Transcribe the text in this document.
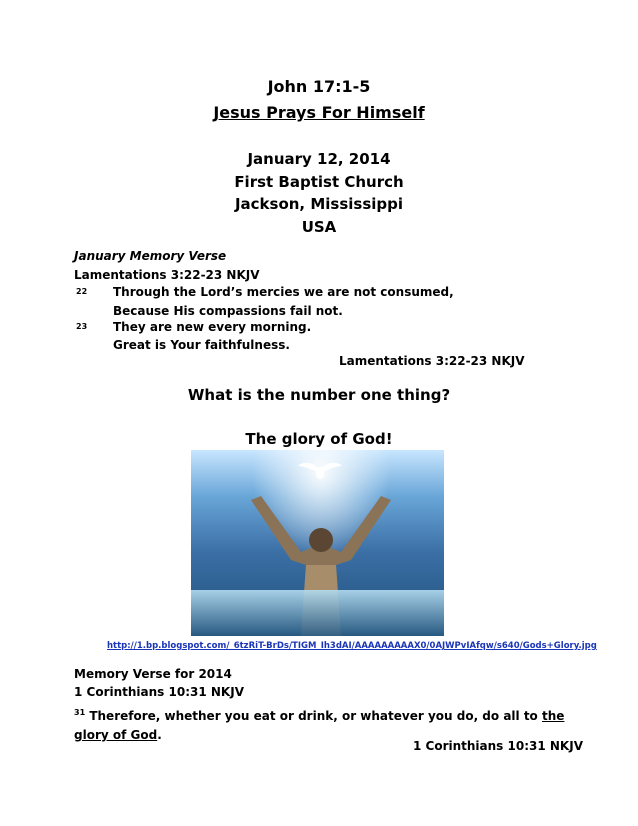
John 17:1-5
Jesus Prays For Himself
January 12, 2014
First Baptist Church
Jackson, Mississippi
USA
January Memory Verse
Lamentations 3:22-23 NKJV
22 Through the Lord’s mercies we are not consumed,
Because His compassions fail not.
23 They are new every morning.
Great is Your faithfulness.
Lamentations 3:22-23 NKJV
What is the number one thing?
The glory of God!
http://1.bp.blogspot.com/_6tzRiT-BrDs/TIGM_Ih3dAI/AAAAAAAAAX0/0AJWPvIAfqw/s640/Gods+Glory.jpg
Memory Verse for 2014
1 Corinthians 10:31 NKJV
$^{31}$ Therefore, whether you eat or drink, or whatever you do, do all to the glory of God.
1 Corinthians 10:31 NKJV
